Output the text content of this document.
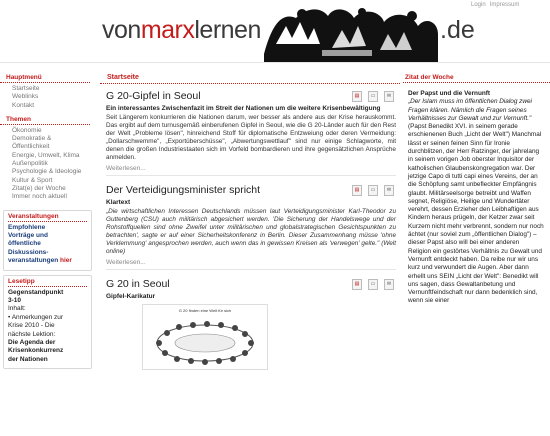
vonmarxlernen	.de
Login Impressum
Hauptmenü
Startseite
Weblinks
Kontakt
Themen
Ökonomie
Demokratie &
Öffentlichkeit
Energie, Umwelt, Klima
Außenpolitik
Psychologie & Ideologie
Kultur & Sport
Zitat(e) der Woche
Immer noch aktuell
Veranstaltungen
Empfohlene
Vorträge und
öffentliche
Diskussions-
veranstaltungen hier
Lesetipp
Gegenstandpunkt
3-10
Inhalt:
• Anmerkungen zur
Krise 2010 - Die
nächste Lektion:
Die Agenda der
Krisenkonkurrenz
der Nationen
Startseite
▤	▭	✉
G 20-Gipfel in Seoul
Ein interessantes Zwischenfazit im Streit der Nationen um die weitere Krisenbewältigung
Seit Längerem konkurrieren die Nationen darum, wer besser als andere aus der Krise herauskommt. Das ergibt auf dem turnusgemäß einberufenen Gipfel in Seoul, wie die G 20-Länder auch für den Rest der Welt „Probleme lösen", hinreichend Stoff für diplomatische Entzweiung oder deren Vermeidung: „Dollarschwemme", „Exportüberschüsse", „Abwertungswettlauf" sind nur einige Schlagworte, mit denen die großen Industriestaaten sich im Vorfeld bombardieren und ihre gegensätzlichen Ansprüche anmelden.
Weiterlesen...
▤	▭	✉
Der Verteidigungsminister spricht
Klartext
„Die wirtschaftlichen Interessen Deutschlands müssen laut Verteidigungsminister Karl-Theodor zu Guttenberg (CSU) auch militärisch abgesichert werden. 'Die Sicherung der Handelswege und der Rohstoffquellen sind ohne Zweifel unter militärischen und globalstrategischen Gesichtspunkten zu betrachten', sagte er auf einer Sicherheitskonferenz in Berlin. Dieser Zusammenhang müsse 'ohne Verklemmung' angesprochen werden, auch wenn das in gewissen Kreisen als 'verwegen' gelte." (Welt online)
Weiterlesen...
▤	▭	✉
G 20 in Seoul
Gipfel-Karikatur
G 20 finden eine Welt für sich
Zitat der Woche
Der Papst und die Vernunft
„Der Islam muss im öffentlichen Dialog zwei Fragen klären. Nämlich die Fragen seines Verhältnisses zur Gewalt und zur Vernunft." (Papst Benedikt XVI. in seinem gerade erschienenen Buch „Licht der Welt") Manchmal lässt er seinen feinen Sinn für Ironie durchblitzen, der Herr Ratzinger, der jahrelang in seinem vorigen Job oberster Inquisitor der katholischen Glaubenskongregation war. Der jetzige Capo di tutti capi eines Vereins, der an die Schöpfung samt unbefleckter Empfängnis glaubt. Militärseelsorge betreibt und Waffen segnet, Religiöse, Heilige und Wundertäter verehrt, dessen Erzieher den Leibhaftigen aus Kindern heraus prügeln, der Ketzer zwar seit Kurzem nicht mehr verbrennt, sondern nur noch ächtet (nur soviel zum „öffentlichen Dialog") – dieser Papst also will bei einer anderen Religion ein gestörtes Verhältnis zu Gewalt und Vernunft entdeckt haben. Da reibe nur wir uns kurz und verwundert die Augen. Aber dann erhellt uns SEIN „Licht der Welt": Benedikt will uns sagen, dass Gewaltanbetung und Vernunftfeindschaft nur dann bedenklich sind, wenn sie einer
